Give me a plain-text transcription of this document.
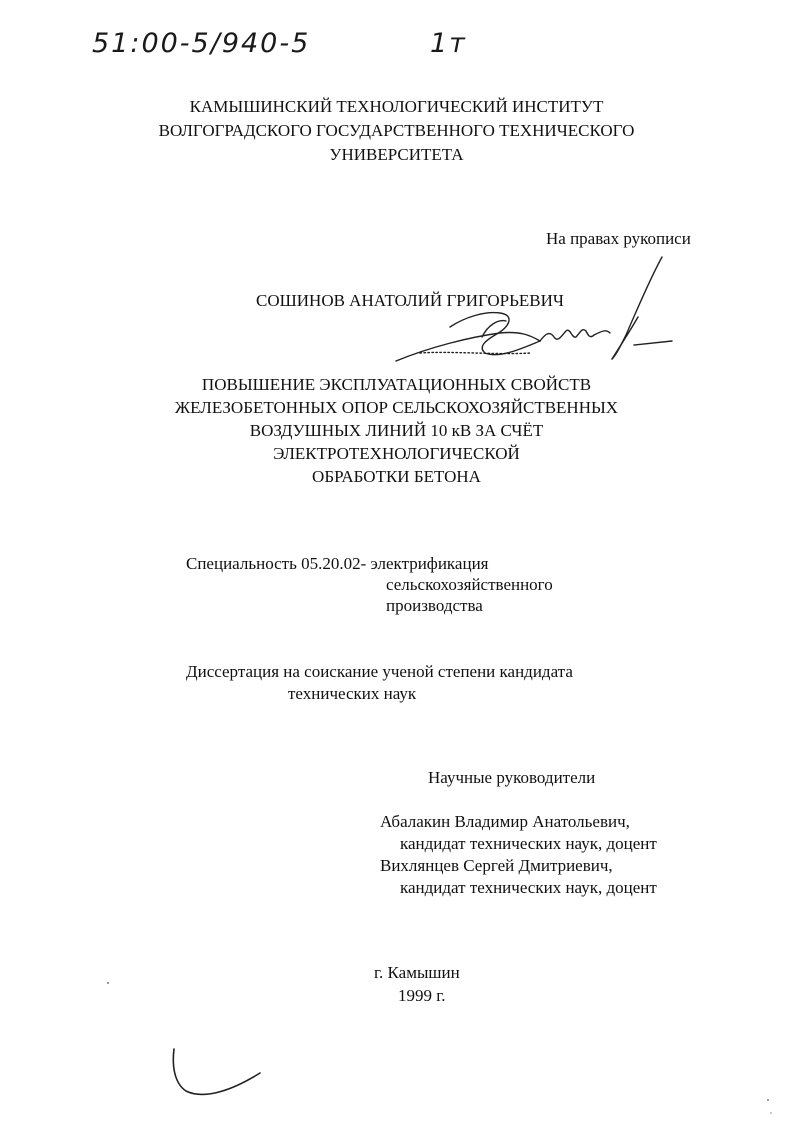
51:00-5/940-5	1т
КАМЫШИНСКИЙ ТЕХНОЛОГИЧЕСКИЙ ИНСТИТУТ
ВОЛГОГРАДСКОГО ГОСУДАРСТВЕННОГО ТЕХНИЧЕСКОГО
УНИВЕРСИТЕТА
На правах рукописи
СОШИНОВ АНАТОЛИЙ ГРИГОРЬЕВИЧ
ПОВЫШЕНИЕ ЭКСПЛУАТАЦИОННЫХ СВОЙСТВ
ЖЕЛЕЗОБЕТОННЫХ ОПОР СЕЛЬСКОХОЗЯЙСТВЕННЫХ
ВОЗДУШНЫХ ЛИНИЙ 10 кВ ЗА СЧЁТ
ЭЛЕКТРОТЕХНОЛОГИЧЕСКОЙ
ОБРАБОТКИ БЕТОНА
Специальность 05.20.02- электрификация
сельскохозяйственного
производства
Диссертация на соискание ученой степени кандидата
технических наук
Научные руководители
Абалакин Владимир Анатольевич,
кандидат технических наук, доцент
Вихлянцев Сергей Дмитриевич,
кандидат технических наук, доцент
г. Камышин
1999 г.
